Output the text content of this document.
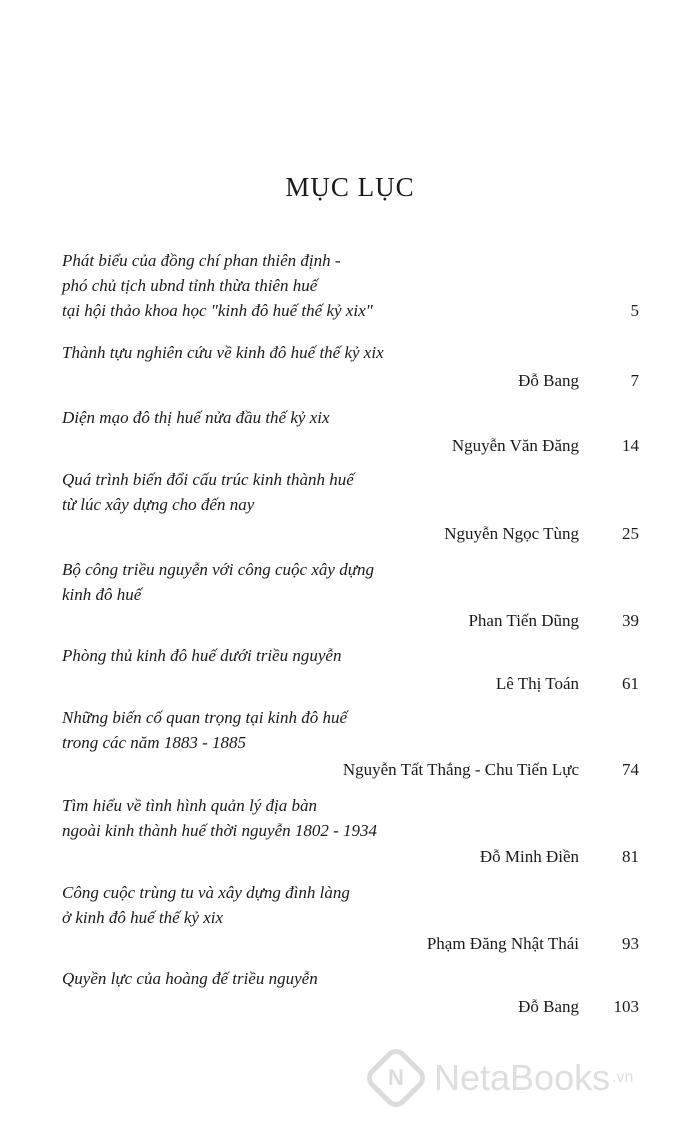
MỤC LỤC
Phát biểu của đồng chí phan thiên định -
phó chủ tịch ubnd tỉnh thừa thiên huế
tại hội thảo khoa học "kinh đô huế thế kỷ xix"	5
Thành tựu nghiên cứu về kinh đô huế thế kỷ xix
Đỗ Bang	7
Diện mạo đô thị huế nửa đầu thế kỷ xix
Nguyễn Văn Đăng	14
Quá trình biến đổi cấu trúc kinh thành huế
từ lúc xây dựng cho đến nay
Nguyễn Ngọc Tùng	25
Bộ công triều nguyễn với công cuộc xây dựng
kinh đô huế
Phan Tiến Dũng	39
Phòng thủ kinh đô huế dưới triều nguyễn
Lê Thị Toán	61
Những biến cố quan trọng tại kinh đô huế
trong các năm 1883 - 1885
Nguyễn Tất Thắng - Chu Tiến Lực	74
Tìm hiểu về tình hình quản lý địa bàn
ngoài kinh thành huế thời nguyễn 1802 - 1934
Đỗ Minh Điền	81
Công cuộc trùng tu và xây dựng đình làng
ở kinh đô huế thế kỷ xix
Phạm Đăng Nhật Thái	93
Quyền lực của hoàng đế triều nguyễn
Đỗ Bang 103
N NetaBooks .vn
